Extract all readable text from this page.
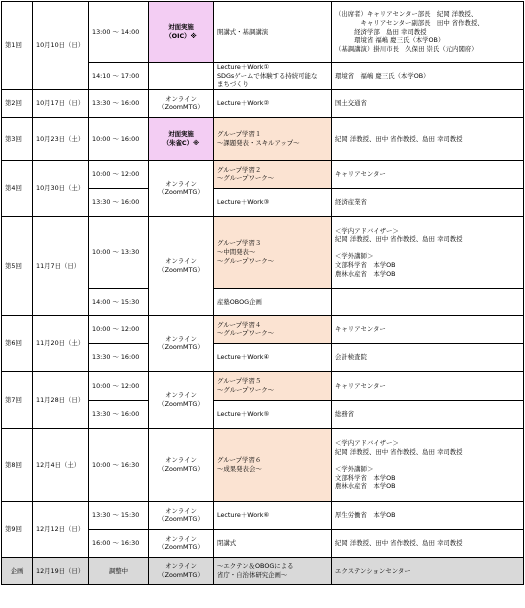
第1回	10月10日（日）	13:00 ～ 14:00	対面実施
（OIC）※	開講式・基調講演	（出席者）キャリアセンター部長　紀岡 洋教授、
　　　　キャリアセンター副部長　田中 省作教授、
　　　経済学部　島田 幸司教授
　　　環境省 福嶋 慶三氏（本学OB）
（基調講演）掛川市長　久保田 崇氏（元内閣府）
		14:10 ～ 17:00		Lecture＋Work①
SDGsゲームで体験する持続可能な
まちづくり	環境省　福嶋 慶三氏（本学OB）
第2回	10月17日（日）	13:30 ～ 16:00	オンライン
（ZoomMTG）	Lecture＋Work②	国土交通省
第3回	10月23日（土）	10:00 ～ 16:00	対面実施
（朱雀C）※	グループ学習１
～課題発表・スキルアップ～	紀岡 洋教授、田中 省作教授、島田 幸司教授
第4回	10月30日（土）	10:00 ～ 12:00	オンライン
（ZoomMTG）	グループ学習２
～グループワーク～	キャリアセンター
		13:30 ～ 16:00		Lecture＋Work③	経済産業省
第5回	11月7日（日）	10:00 ～ 13:30	オンライン
（ZoomMTG）	グループ学習３
～中間発表～
～グループワーク～	＜学内アドバイザー＞
紀岡 洋教授、田中 省作教授、島田 幸司教授

＜学外講師＞
文部科学省　本学OB
農林水産省　本学OB
		14:00 ～ 15:30		産塾OBOG企画	
第6回	11月20日（土）	10:00 ～ 12:00	オンライン
（ZoomMTG）	グループ学習４
～グループワーク～	キャリアセンター
		13:30 ～ 16:00		Lecture＋Work④	会計検査院
第7回	11月28日（日）	10:00 ～ 12:00	オンライン
（ZoomMTG）	グループ学習５
～グループワーク～	キャリアセンター
		13:30 ～ 16:00		Lecture＋Work⑤	総務省
第8回	12月4日（土）	10:00 ～ 16:30	オンライン
（ZoomMTG）	グループ学習６
～成果発表会～	＜学内アドバイザー＞
紀岡 洋教授、田中 省作教授、島田 幸司教授

＜学外講師＞
文部科学省　本学OB
農林水産省　本学OB
第9回	12月12日（日）	13:30 ～ 15:30	オンライン
（ZoomMTG）	Lecture＋Work⑥	厚生労働省　本学OB
		16:00 ～ 16:30	オンライン
（ZoomMTG）	閉講式	紀岡 洋教授、田中 省作教授、島田 幸司教授
企画	12月19日（日）	調整中	オンライン
（ZoomMTG）	～エクテン＆OBOGによる
省庁・自治体研究企画～	エクステンションセンター
